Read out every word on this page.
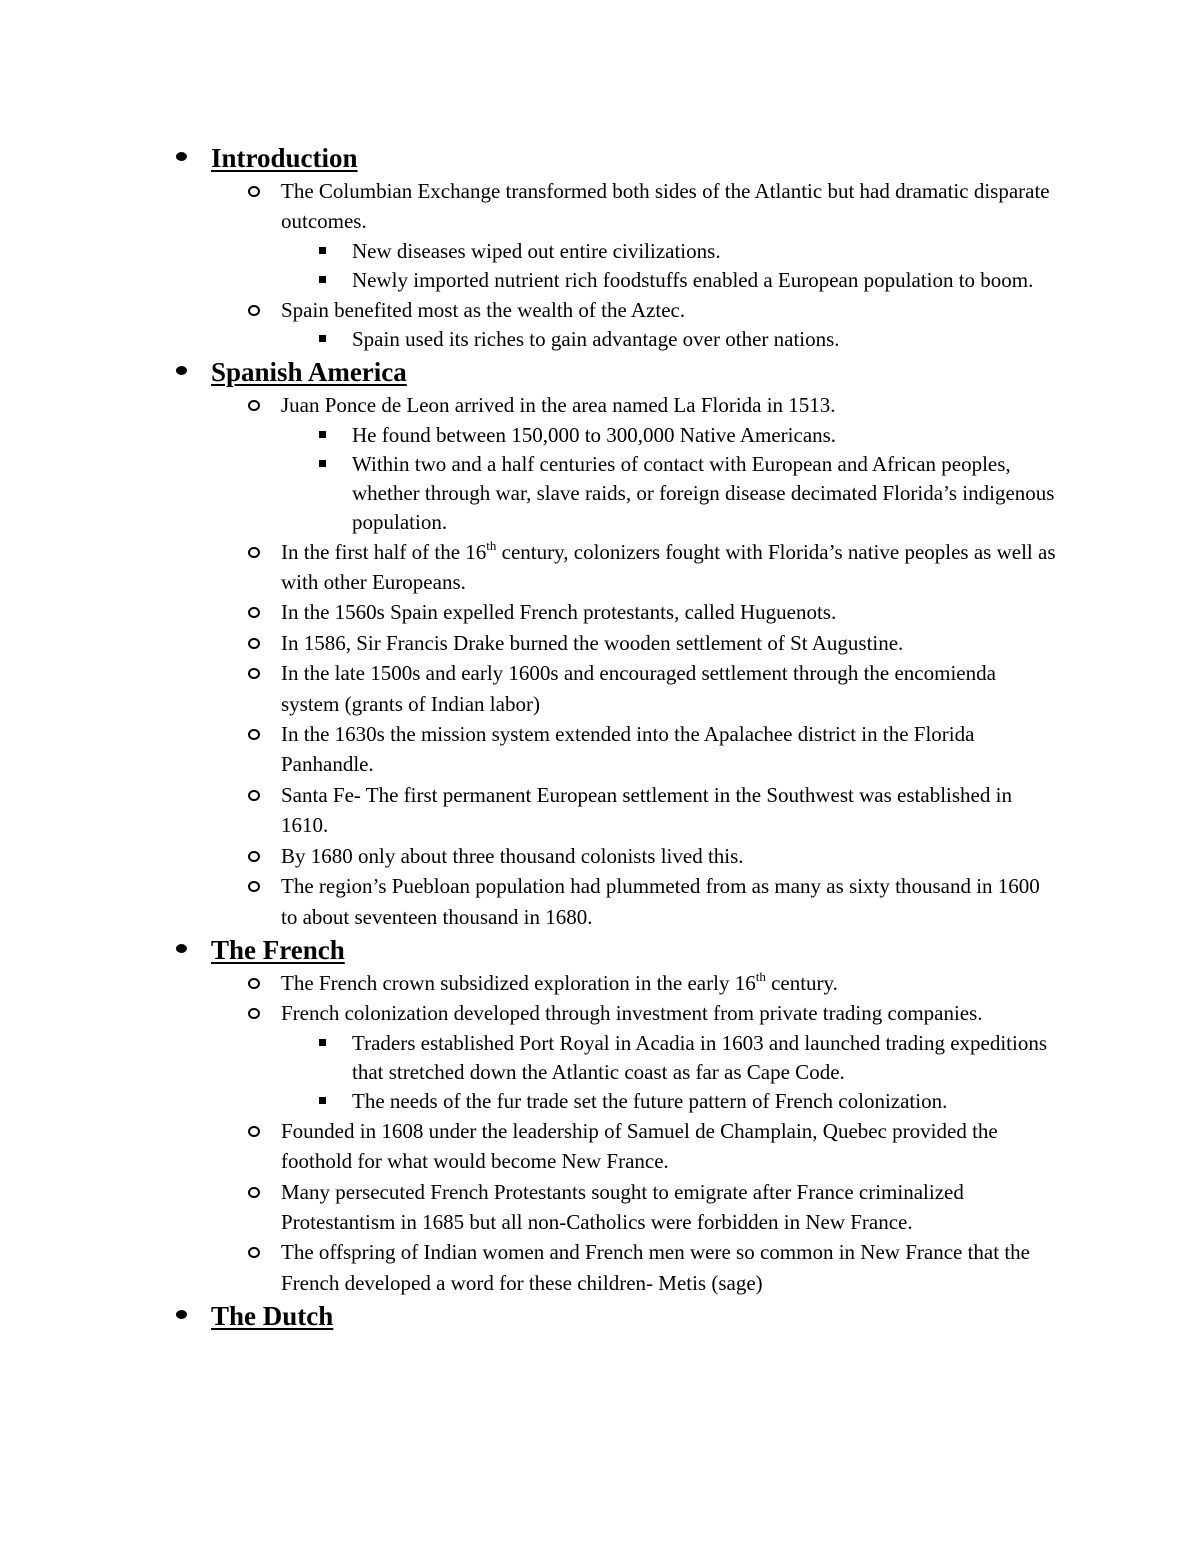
Introduction
The Columbian Exchange transformed both sides of the Atlantic but had dramatic disparate outcomes.
New diseases wiped out entire civilizations.
Newly imported nutrient rich foodstuffs enabled a European population to boom.
Spain benefited most as the wealth of the Aztec.
Spain used its riches to gain advantage over other nations.
Spanish America
Juan Ponce de Leon arrived in the area named La Florida in 1513.
He found between 150,000 to 300,000 Native Americans.
Within two and a half centuries of contact with European and African peoples, whether through war, slave raids, or foreign disease decimated Florida’s indigenous population.
In the first half of the 16th century, colonizers fought with Florida’s native peoples as well as with other Europeans.
In the 1560s Spain expelled French protestants, called Huguenots.
In 1586, Sir Francis Drake burned the wooden settlement of St Augustine.
In the late 1500s and early 1600s and encouraged settlement through the encomienda system (grants of Indian labor)
In the 1630s the mission system extended into the Apalachee district in the Florida Panhandle.
Santa Fe- The first permanent European settlement in the Southwest was established in 1610.
By 1680 only about three thousand colonists lived this.
The region’s Puebloan population had plummeted from as many as sixty thousand in 1600 to about seventeen thousand in 1680.
The French
The French crown subsidized exploration in the early 16th century.
French colonization developed through investment from private trading companies.
Traders established Port Royal in Acadia in 1603 and launched trading expeditions that stretched down the Atlantic coast as far as Cape Code.
The needs of the fur trade set the future pattern of French colonization.
Founded in 1608 under the leadership of Samuel de Champlain, Quebec provided the foothold for what would become New France.
Many persecuted French Protestants sought to emigrate after France criminalized Protestantism in 1685 but all non-Catholics were forbidden in New France.
The offspring of Indian women and French men were so common in New France that the French developed a word for these children- Metis (sage)
The Dutch
